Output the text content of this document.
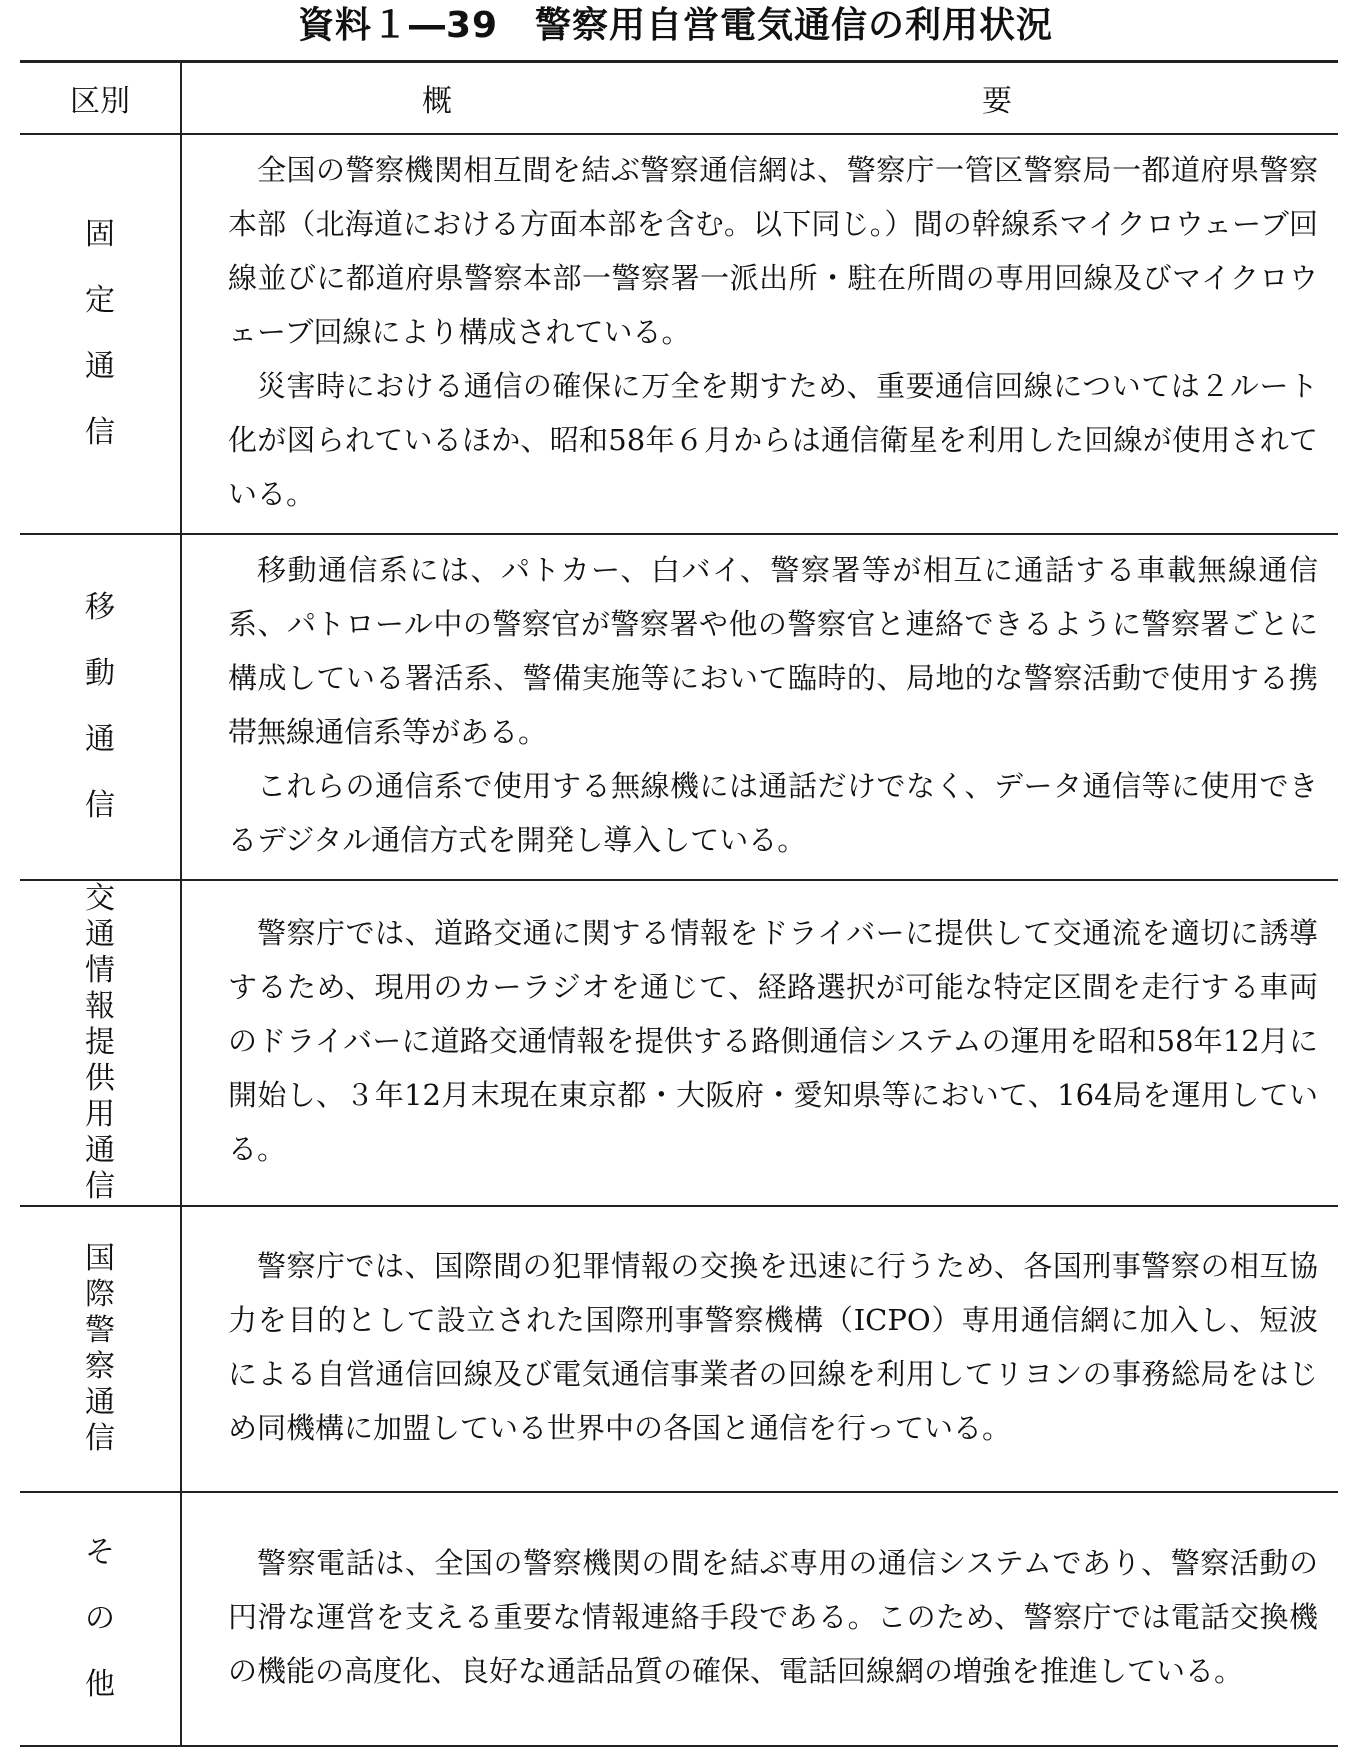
資料１―39　警察用自営電気通信の利用状況
区別	概 要
固定通信	全国の警察機関相互間を結ぶ警察通信網は、警察庁一管区警察局一都道府県警察本部（北海道における方面本部を含む。以下同じ。）間の幹線系マイクロウェーブ回線並びに都道府県警察本部一警察署一派出所・駐在所間の専用回線及びマイクロウェーブ回線により構成されている。

災害時における通信の確保に万全を期すため、重要通信回線については２ルート化が図られているほか、昭和58年６月からは通信衛星を利用した回線が使用されている。

移動通信	移動通信系には、パトカー、白バイ、警察署等が相互に通話する車載無線通信系、パトロール中の警察官が警察署や他の警察官と連絡できるように警察署ごとに構成している署活系、警備実施等において臨時的、局地的な警察活動で使用する携帯無線通信系等がある。

これらの通信系で使用する無線機には通話だけでなく、データ通信等に使用できるデジタル通信方式を開発し導入している。

交通情報提供用通信	警察庁では、道路交通に関する情報をドライバーに提供して交通流を適切に誘導するため、現用のカーラジオを通じて、経路選択が可能な特定区間を走行する車両のドライバーに道路交通情報を提供する路側通信システムの運用を昭和58年12月に開始し、３年12月末現在東京都・大阪府・愛知県等において、164局を運用している。

国際警察通信	警察庁では、国際間の犯罪情報の交換を迅速に行うため、各国刑事警察の相互協力を目的として設立された国際刑事警察機構（ICPO）専用通信網に加入し、短波による自営通信回線及び電気通信事業者の回線を利用してリヨンの事務総局をはじめ同機構に加盟している世界中の各国と通信を行っている。

その他	警察電話は、全国の警察機関の間を結ぶ専用の通信システムであり、警察活動の円滑な運営を支える重要な情報連絡手段である。このため、警察庁では電話交換機の機能の高度化、良好な通話品質の確保、電話回線網の増強を推進している。
